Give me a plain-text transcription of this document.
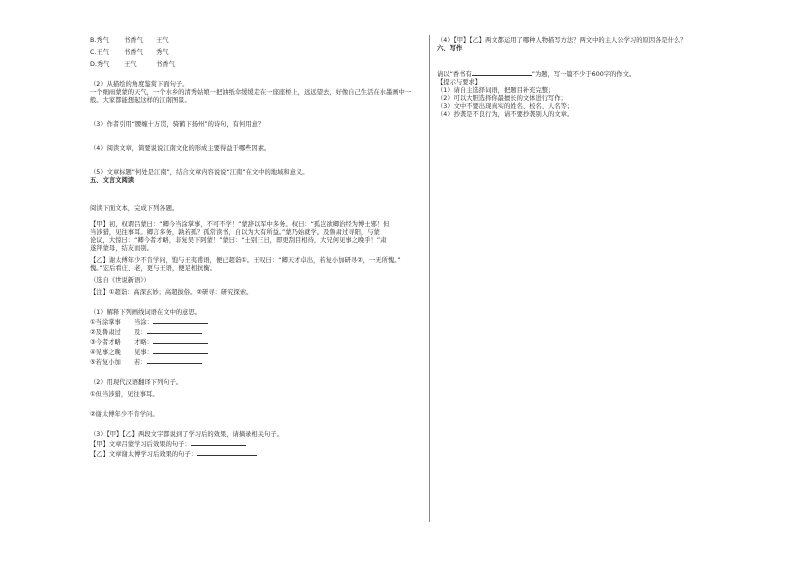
B.秀气 书香气 王气
C.王气 书香气 秀气
D.秀气 王气	书香气
（2）从描绘的角度鉴赏下面句子。
一个细雨蒙蒙的天气，一个水乡的清秀姑娘一把油纸伞缓缓走在一座座桥上，远远望去，好像自己生活在水墨画中一般。大家都能想起这样的江南图景。
（3）作者引用“腰缠十万贯，骑鹤下扬州”的诗句，有何用意？
（4）阅读文章，简要说说江南文化的形成主要得益于哪些因素。
（5）文章标题“何处是江南”，结合文章内容说说“江南”在文中的地域和意义。
五、文言文阅读
阅读下面文本，完成下列各题。
【甲】初，权谓吕蒙曰：“卿今当涂掌事，不可不学！”蒙辞以军中多务。权曰：“孤岂欲卿治经为博士邪！但
当涉猎，见往事耳。卿言多务，孰若孤？孤常读书，自以为大有所益。”蒙乃始就学。及鲁肃过寻阳，与蒙
论议，大惊曰：“卿今者才略，非复吴下阿蒙！”蒙曰：“士别三日，即更刮目相待，大兄何见事之晚乎！”肃
遂拜蒙母，结友而别。
【乙】谢太傅年少不肯学问，饱与王夷甫语，便已超诣①。王叹曰：“卿天才卓出，若复小加研寻②，一无所愧。”
愧。”宏后看庄、老，更与王语，便足相抗衡。
（选自《世说新语》）
【注】①超诣：高深玄妙；高超拔俗。②研寻：研究探索。
（1）解释下列画线词语在文中的意思。
①当涂掌事 当涂：
②及鲁肃过 及：
③今者才略 才略：
④见事之晚 见事：
⑤若复小加 若：
（2）用现代汉语翻译下列句子。
①但当涉猎，见往事耳。
②谢太傅年少不肯学问。
（3）【甲】【乙】两段文字都说到了学习后的效果，请摘录相关句子。
【甲】文章吕蒙学习后效果的句子：
【乙】文章谢太傅学习后效果的句子：
（4）【甲】【乙】两文都运用了哪种人物描写方法？两文中的主人公学习的原因各是什么？
六、写作
请以“香书有	”为题，写一篇不少于600字的作文。
【提示与要求】
（1）请自主选择词语，把题目补充完整；
（2）可以大胆选择你最擅长的文体进行写作；
（3）文中不要出现真实的姓名、校名、人名等；
（4）抄袭是不良行为，请不要抄袭别人的文章。
